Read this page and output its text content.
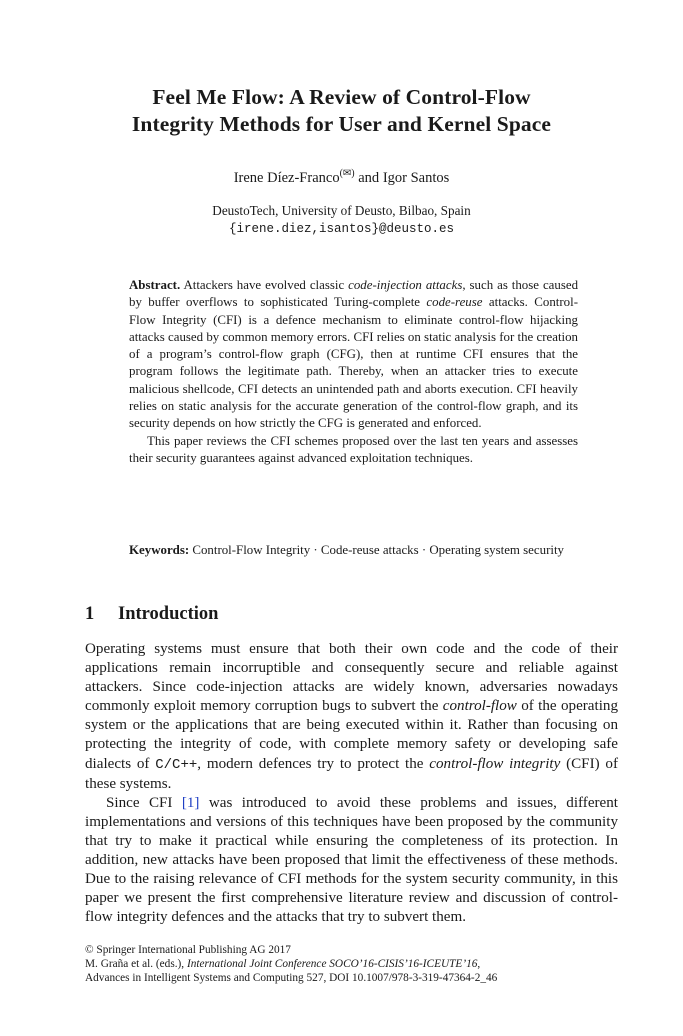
Feel Me Flow: A Review of Control-Flow
Integrity Methods for User and Kernel Space
Irene Díez-Franco(✉) and Igor Santos
DeustoTech, University of Deusto, Bilbao, Spain
{irene.diez,isantos}@deusto.es

Abstract. Attackers have evolved classic code-injection attacks, such as those caused by buffer overflows to sophisticated Turing-complete code-reuse attacks. Control-Flow Integrity (CFI) is a defence mechanism to eliminate control-flow hijacking attacks caused by common memory errors. CFI relies on static analysis for the creation of a program’s control-flow graph (CFG), then at runtime CFI ensures that the program follows the legitimate path. Thereby, when an attacker tries to execute malicious shellcode, CFI detects an unintended path and aborts execution. CFI heavily relies on static analysis for the accurate generation of the control-flow graph, and its security depends on how strictly the CFG is generated and enforced.

This paper reviews the CFI schemes proposed over the last ten years and assesses their security guarantees against advanced exploitation techniques.

Keywords: Control-Flow Integrity · Code-reuse attacks · Operating system security
1 Introduction

Operating systems must ensure that both their own code and the code of their applications remain incorruptible and consequently secure and reliable against attackers. Since code-injection attacks are widely known, adversaries nowadays commonly exploit memory corruption bugs to subvert the control-flow of the operating system or the applications that are being executed within it. Rather than focusing on protecting the integrity of code, with complete memory safety or developing safe dialects of C/C++, modern defences try to protect the control-flow integrity (CFI) of these systems.

Since CFI [1] was introduced to avoid these problems and issues, different implementations and versions of this techniques have been proposed by the community that try to make it practical while ensuring the completeness of its protection. In addition, new attacks have been proposed that limit the effectiveness of these methods. Due to the raising relevance of CFI methods for the system security community, in this paper we present the first comprehensive literature review and discussion of control-flow integrity defences and the attacks that try to subvert them.

© Springer International Publishing AG 2017
M. Graña et al. (eds.), International Joint Conference SOCO’16-CISIS’16-ICEUTE’16,
Advances in Intelligent Systems and Computing 527, DOI 10.1007/978-3-319-47364-2_46
